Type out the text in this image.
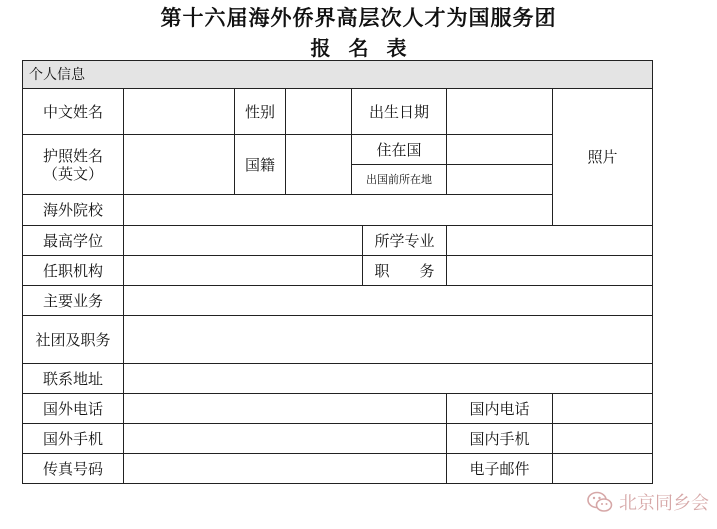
第十六届海外侨界高层次人才为国服务团
报名表
个人信息							
中文姓名		性别		出生日期			照片

护照姓名
（英文）		国籍		住在国			
				出国前所在地			
海外院校							
最高学位					所学专业		
任职机构					职　　务		
主要业务							
社团及职务							
联系地址							
国外电话						国内电话	
国外手机						国内手机	
传真号码						电子邮件	
北京同乡会
